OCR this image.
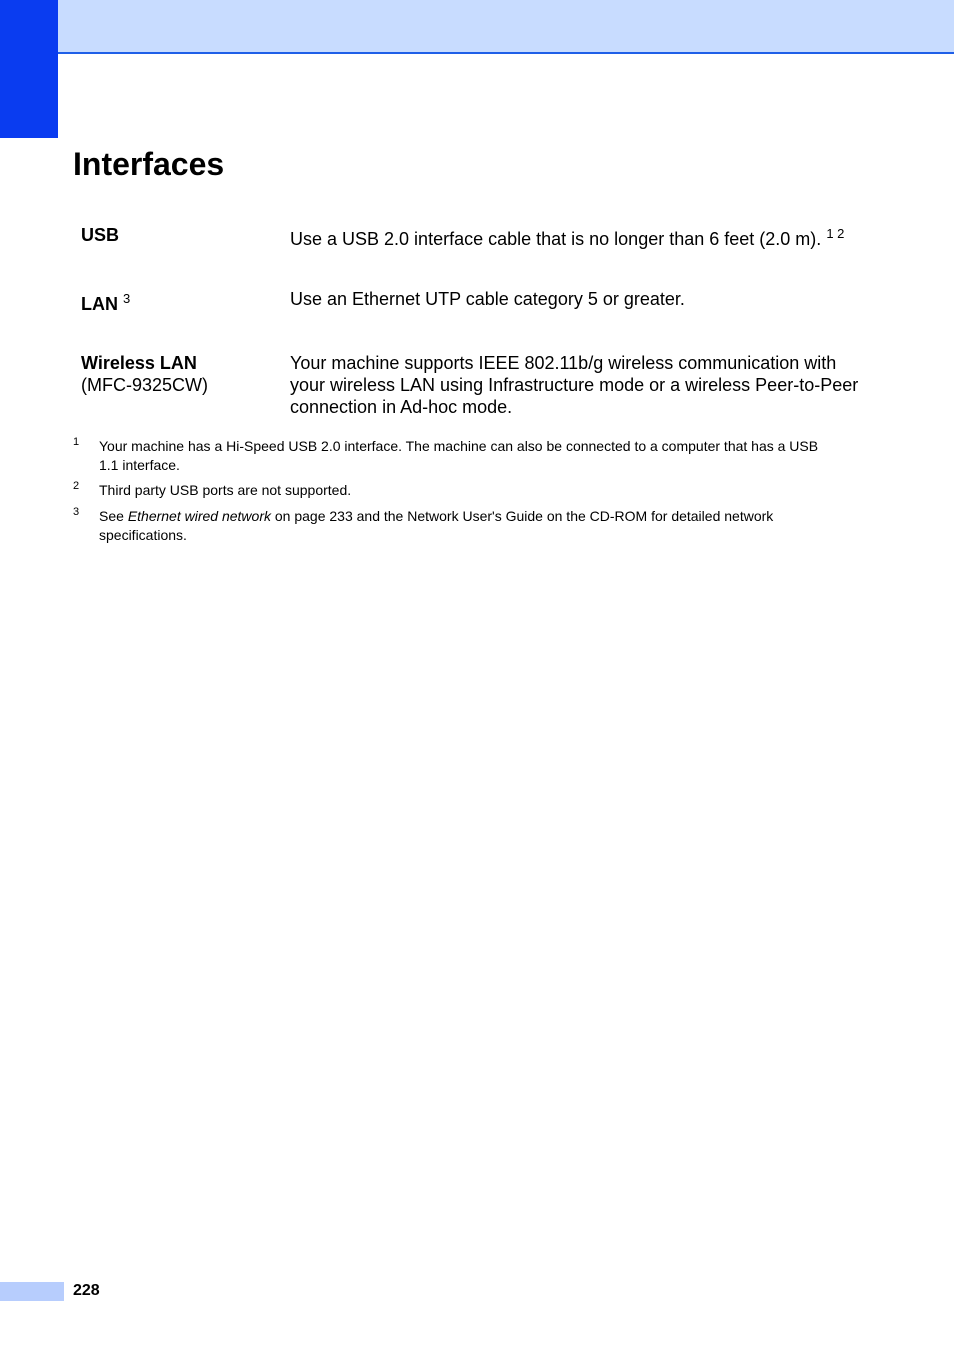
Interfaces
USB	Use a USB 2.0 interface cable that is no longer than 6 feet (2.0 m). $^{1 2}$
LAN $^3$	Use an Ethernet UTP cable category 5 or greater.
Wireless LAN
(MFC-9325CW)
Your machine supports IEEE 802.11b/g wireless communication with your wireless LAN using Infrastructure mode or a wireless Peer-to-Peer connection in Ad-hoc mode.
1 Your machine has a Hi-Speed USB 2.0 interface. The machine can also be connected to a computer that has a USB 1.1 interface.
2 Third party USB ports are not supported.
3 See Ethernet wired network on page 233 and the Network User's Guide on the CD-ROM for detailed network specifications.
228
